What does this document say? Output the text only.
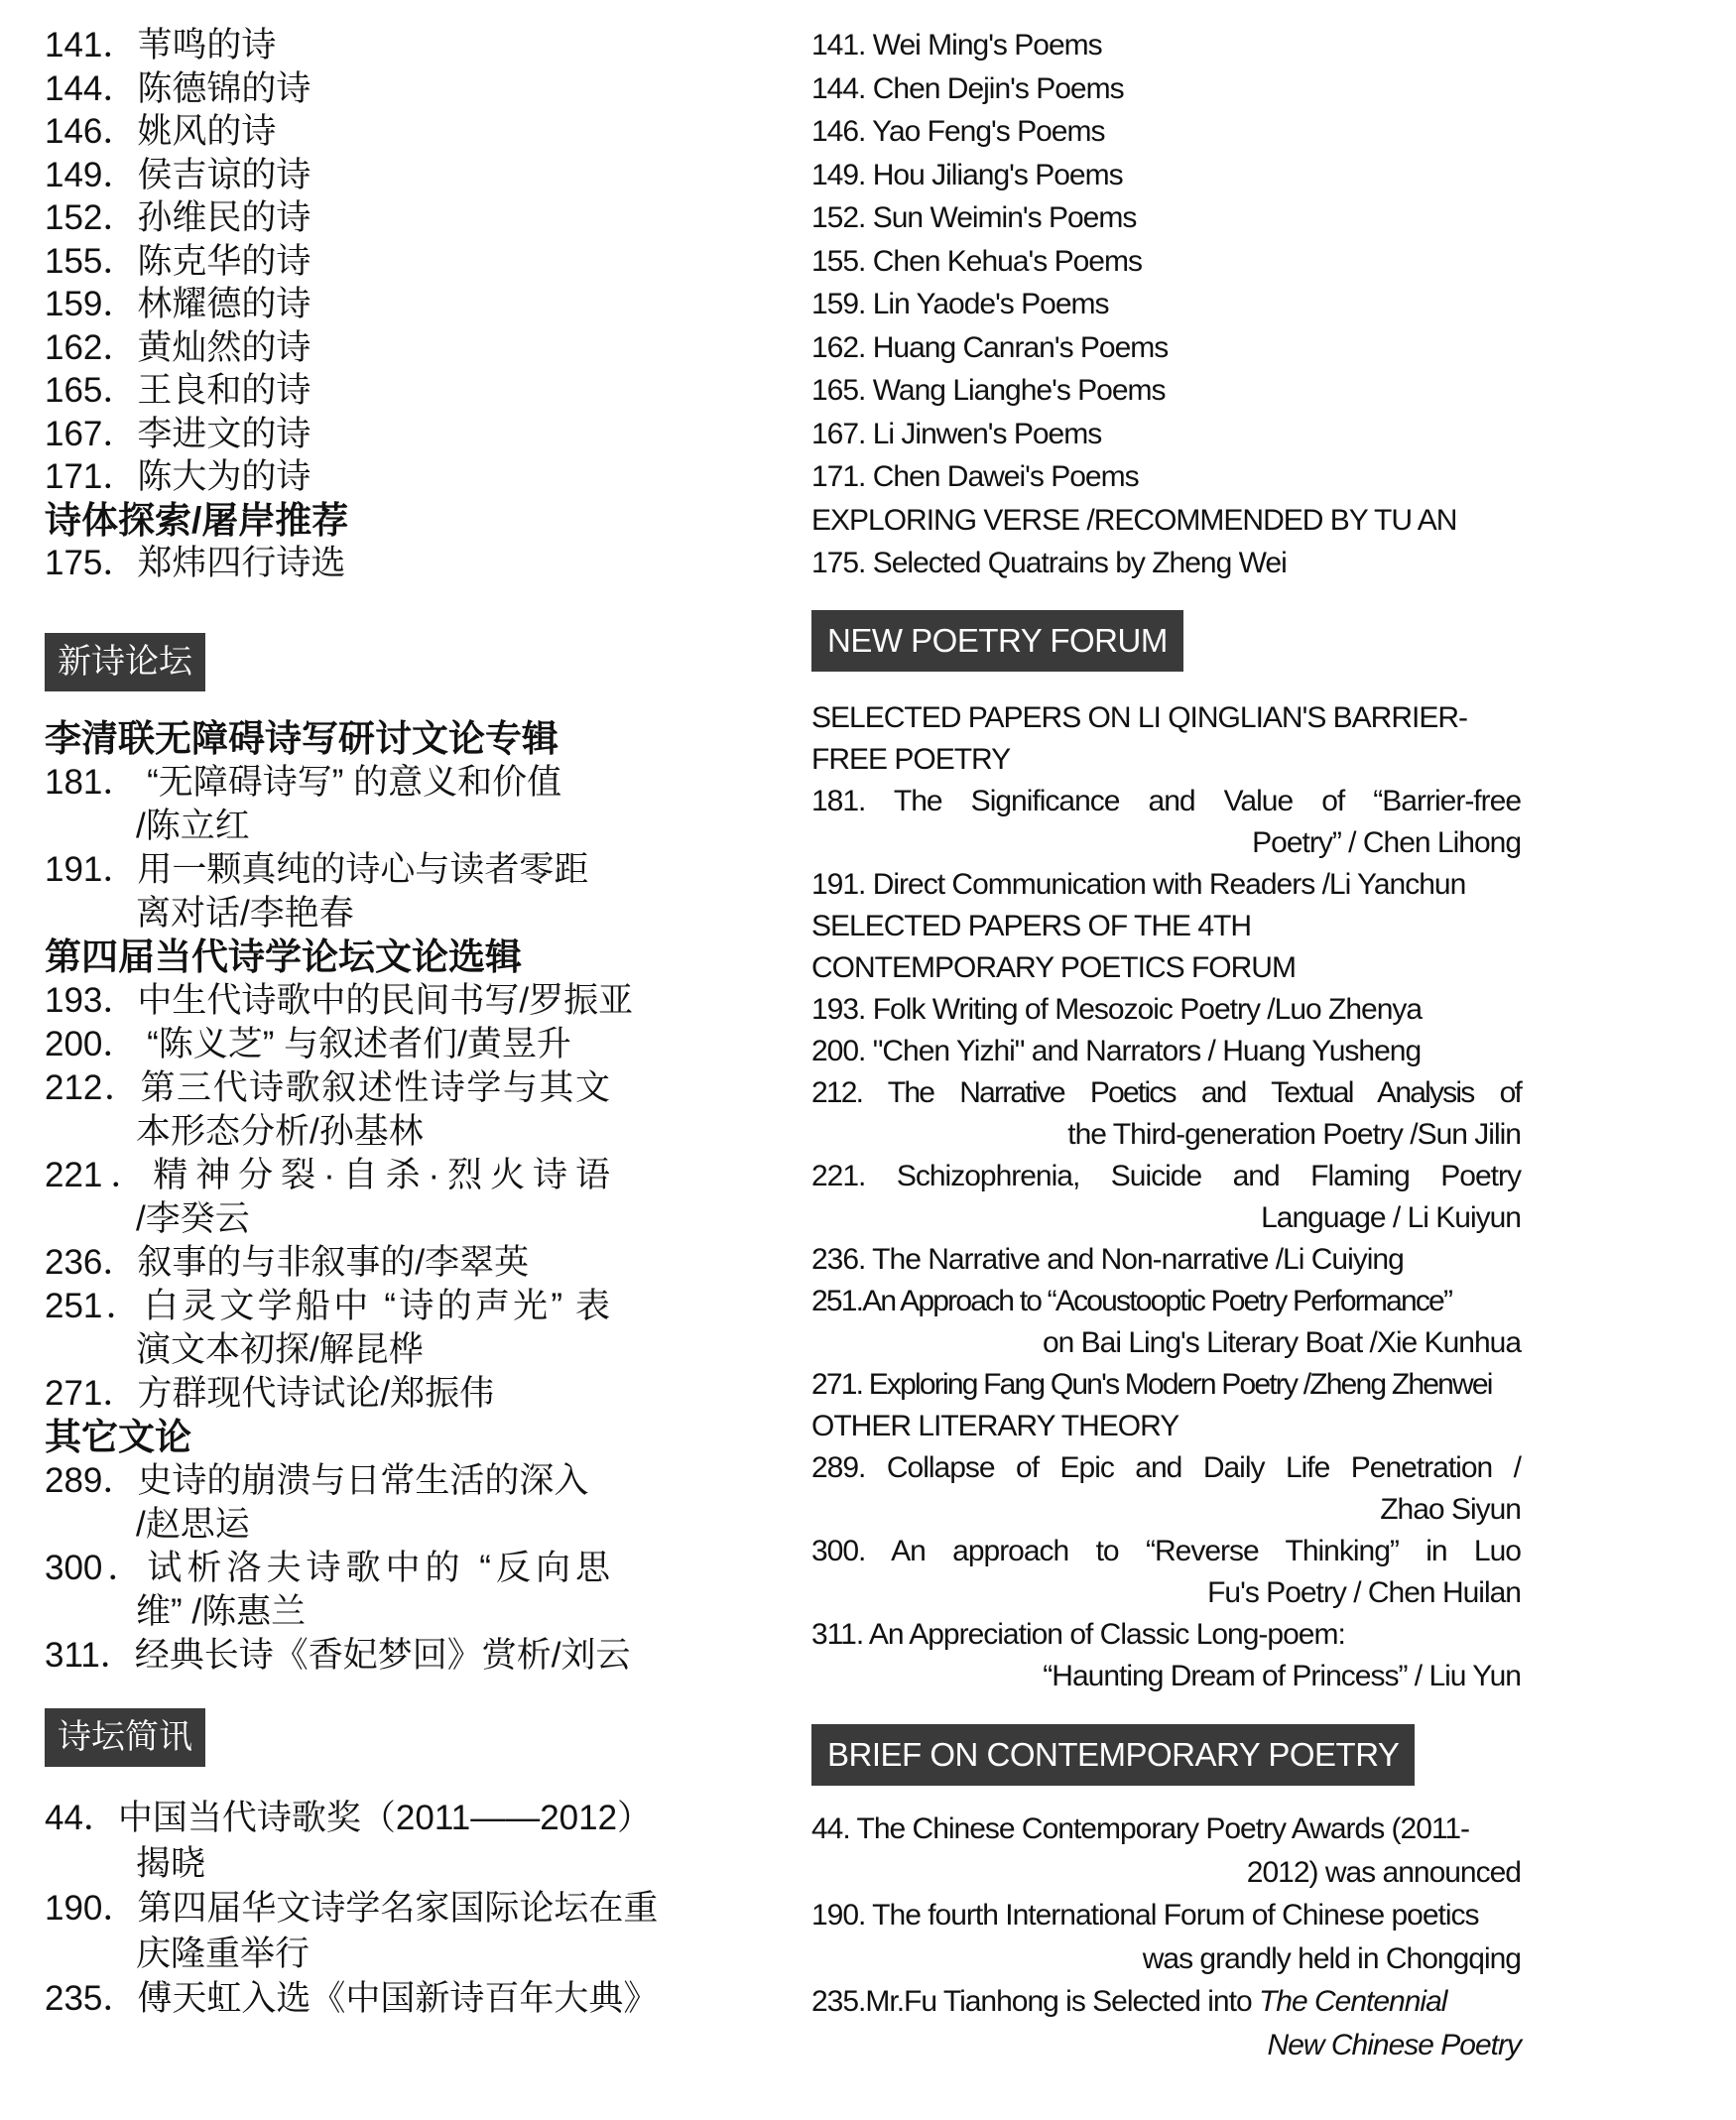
141．苇鸣的诗
144．陈德锦的诗
146．姚风的诗
149．侯吉谅的诗
152．孙维民的诗
155．陈克华的诗
159．林耀德的诗
162．黄灿然的诗
165．王良和的诗
167．李进文的诗
171．陈大为的诗
诗体探索/屠岸推荐
175．郑炜四行诗选
新诗论坛
李清联无障碍诗写研讨文论专辑
181． “无障碍诗写” 的意义和价值
/陈立红
191．用一颗真纯的诗心与读者零距
离对话/李艳春
第四届当代诗学论坛文论选辑
193．中生代诗歌中的民间书写/罗振亚
200． “陈义芝” 与叙述者们/黄昱升
212．第三代诗歌叙述性诗学与其文
本形态分析/孙基林
221．精神分裂·自杀·烈火诗语
/李癸云
236．叙事的与非叙事的/李翠英
251．白灵文学船中 “诗的声光” 表
演文本初探/解昆桦
271．方群现代诗试论/郑振伟
其它文论
289．史诗的崩溃与日常生活的深入
/赵思运
300．试析洛夫诗歌中的 “反向思
维” /陈惠兰
311．经典长诗《香妃梦回》赏析/刘云
诗坛简讯
44．中国当代诗歌奖（2011——2012）
揭晓
190．第四届华文诗学名家国际论坛在重
庆隆重举行
235．傅天虹入选《中国新诗百年大典》
141. Wei Ming's Poems
144. Chen Dejin's Poems
146. Yao Feng's Poems
149. Hou Jiliang's Poems
152. Sun Weimin's Poems
155. Chen Kehua's Poems
159. Lin Yaode's Poems
162. Huang Canran's Poems
165. Wang Lianghe's Poems
167. Li Jinwen's Poems
171. Chen Dawei's Poems
EXPLORING VERSE /RECOMMENDED BY TU AN
175. Selected Quatrains by Zheng Wei
NEW POETRY FORUM
SELECTED PAPERS ON LI QINGLIAN'S BARRIER-
FREE POETRY
181. The Significance and Value of “Barrier-free
Poetry” / Chen Lihong
191. Direct Communication with Readers /Li Yanchun
SELECTED PAPERS OF THE 4TH
CONTEMPORARY POETICS FORUM
193. Folk Writing of Mesozoic Poetry /Luo Zhenya
200. "Chen Yizhi" and Narrators / Huang Yusheng
212. The Narrative Poetics and Textual Analysis of
the Third-generation Poetry /Sun Jilin
221. Schizophrenia, Suicide and Flaming Poetry
Language / Li Kuiyun
236. The Narrative and Non-narrative /Li Cuiying
251.An Approach to “Acoustooptic Poetry Performance”
on Bai Ling's Literary Boat /Xie Kunhua
271. Exploring Fang Qun's Modern Poetry /Zheng Zhenwei
OTHER LITERARY THEORY
289. Collapse of Epic and Daily Life Penetration /
Zhao Siyun
300. An approach to “Reverse Thinking” in Luo
Fu's Poetry / Chen Huilan
311. An Appreciation of Classic Long-poem:
“Haunting Dream of Princess” / Liu Yun
BRIEF ON CONTEMPORARY POETRY
44. The Chinese Contemporary Poetry Awards (2011-
2012) was announced
190. The fourth International Forum of Chinese poetics
was grandly held in Chongqing
235.Mr.Fu Tianhong is Selected into The Centennial
New Chinese Poetry
